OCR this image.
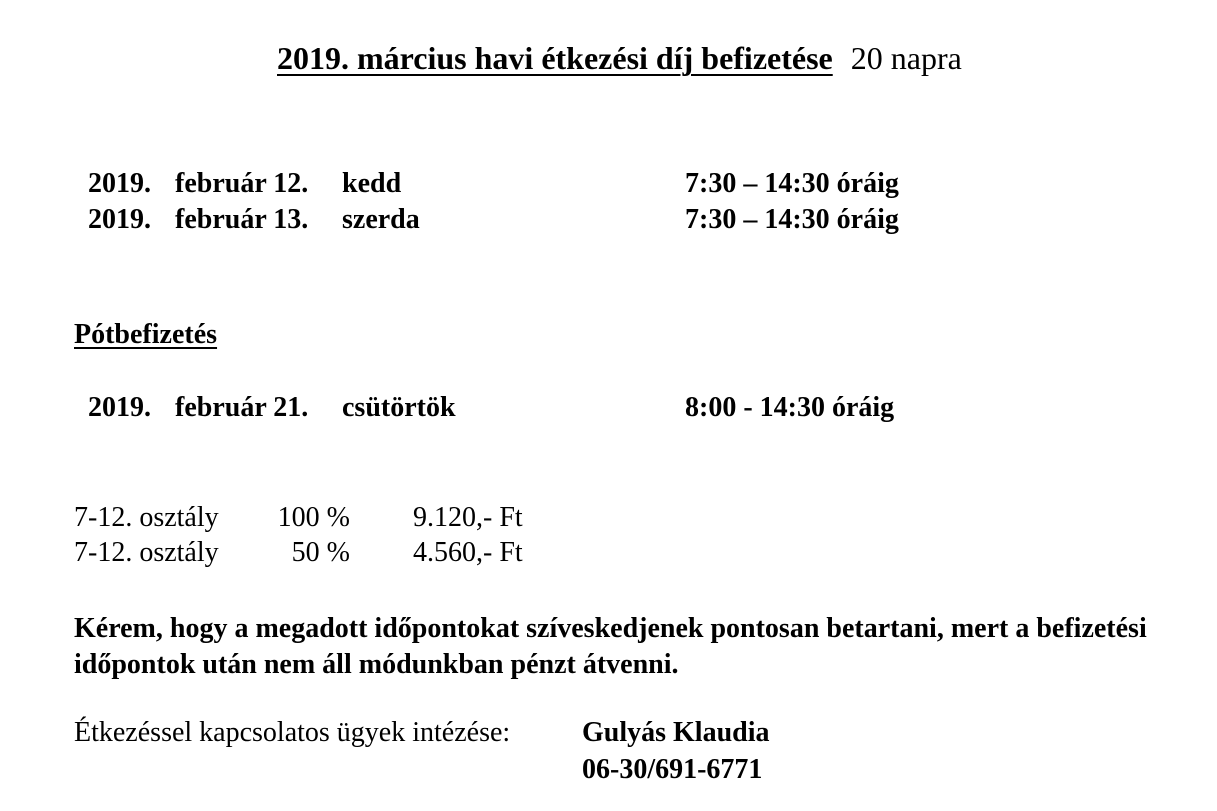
2019. március havi étkezési díj befizetése 20 napra
2019. február 12. kedd	7:30 – 14:30 óráig
2019. február 13. szerda	7:30 – 14:30 óráig
Pótbefizetés
2019. február 21. csütörtök	8:00 - 14:30 óráig
7-12. osztály 100 % 9.120,- Ft
7-12. osztály	50 % 4.560,- Ft
Kérem, hogy a megadott időpontokat szíveskedjenek pontosan betartani, mert a befizetési időpontok után nem áll módunkban pénzt átvenni.
Étkezéssel kapcsolatos ügyek intézése:	Gulyás Klaudia
06-30/691-6771
